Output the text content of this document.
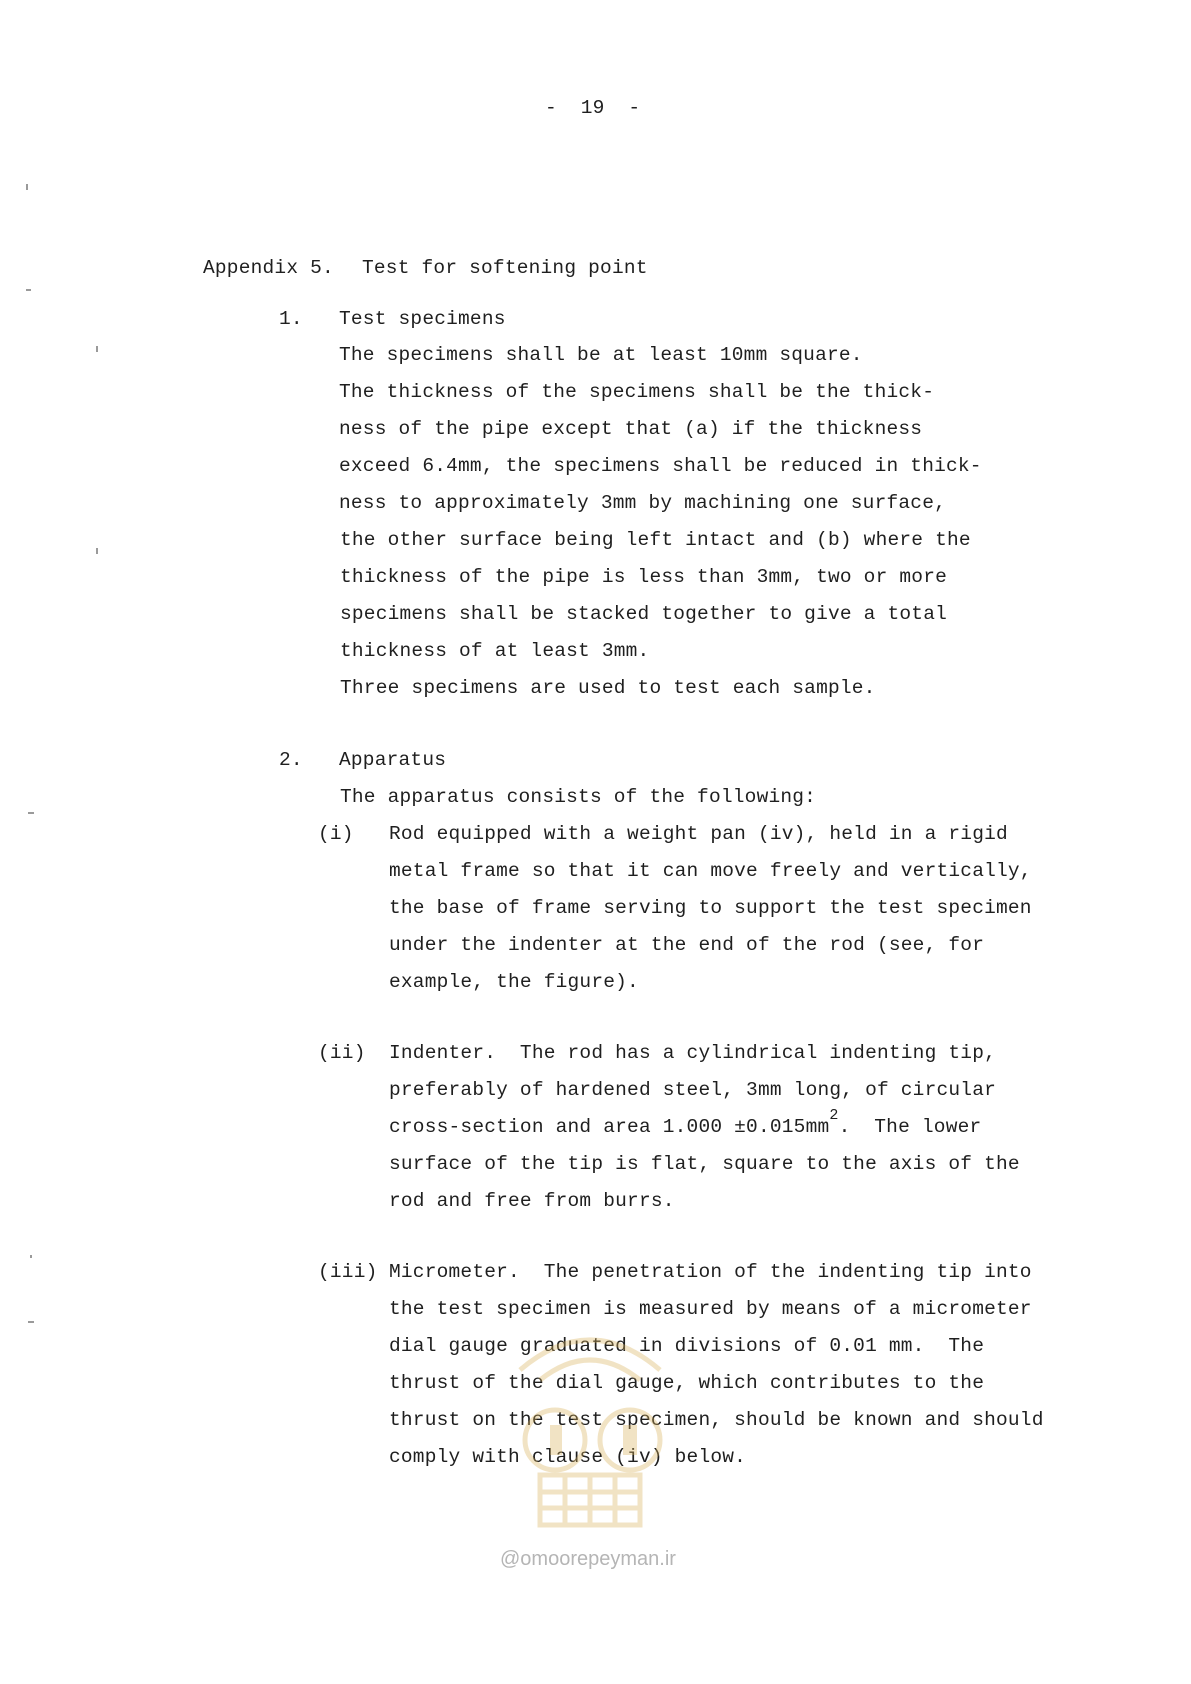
-  19  -
Appendix 5. Test for softening point
1. Test specimens
The specimens shall be at least 10mm square.
The thickness of the specimens shall be the thick-
ness of the pipe except that (a) if the thickness
exceed 6.4mm, the specimens shall be reduced in thick-
ness to approximately 3mm by machining one surface,
the other surface being left intact and (b) where the
thickness of the pipe is less than 3mm, two or more
specimens shall be stacked together to give a total
thickness of at least 3mm.
Three specimens are used to test each sample.
2. Apparatus
The apparatus consists of the following:
(i) Rod equipped with a weight pan (iv), held in a rigid
metal frame so that it can move freely and vertically,
the base of frame serving to support the test specimen
under the indenter at the end of the rod (see, for
example, the figure).
(ii) Indenter.  The rod has a cylindrical indenting tip,
preferably of hardened steel, 3mm long, of circular
cross-section and area $1.000 \pm 0.015mm^2$.  The lower
surface of the tip is flat, square to the axis of the
rod and free from burrs.
(iii) Micrometer.  The penetration of the indenting tip into
the test specimen is measured by means of a micrometer
dial gauge graduated in divisions of 0.01 mm.  The
thrust of the dial gauge, which contributes to the
thrust on the test specimen, should be known and should
comply with clause (iv) below.
@omoorepeyman.ir
